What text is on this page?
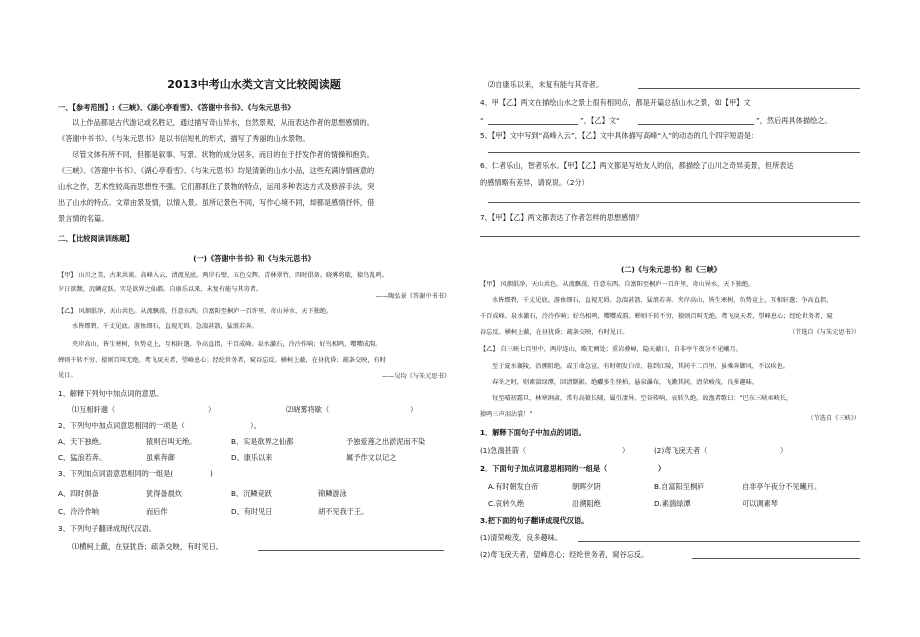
2013中考山水类文言文比较阅读题
一、【参考范围】:《三峡》、《湖心亭看雪》、《答谢中书书》、《与朱元思书》
以上作品都是古代游记或名胜记，通过描写奇山异水，自然景观，从而表达作者的思想感情的。
《答谢中书书》、《与朱元思书》是以书信短札的形式，描写了秀丽的山水景物。
尽管文体有所不同，但都是叙事、写景、状物的成分居多，而目的在于抒发作者的情操和抱负。
《三峡》、《答谢中书书》、《湖心亭看雪》、《与朱元思书》均是清新的山水小品，这些充满诗情画意的
山水之作，艺术性较高而思想性不强。它们都抓住了景物的特点，运用多种表达方式及修辞手法，突
出了山水的特点。文章由景及情，以情入景。虽所记景色不同，写作心境不同，却都是感情抒怀，借
景言情的名篇。
二、【比较阅读训练题】
(一)《答谢中书书》和《与朱元思书》
【甲】 山川之美，古来共谈。高峰入云，清流见底。两岸石壁，五色交辉。青林翠竹，四时俱备。晓雾将歇，猿鸟乱鸣。
夕日欲颓，沉鳞竞跃。实是欲界之仙都。自康乐以来，未复有能与其奇者。
——陶弘景《答谢中书书》
【乙】 风烟俱净，天山共色。从流飘荡，任意东西。自富阳至桐庐一百许里，奇山异水，天下独绝。
水皆缥碧，千丈见底。游鱼细石，直视无碍。急湍甚箭，猛浪若奔。
夹岸高山，皆生寒树，负势竞上，互相轩邈，争高直指，千百成峰。泉水激石，泠泠作响；好鸟相鸣，嘤嘤成韵。
蝉则千转不穷，猿则百叫无绝。鸢飞戾天者，望峰息心；经纶世务者，窥谷忘反。横柯上蔽，在昼犹昏；疏条交映，有时
见日。	——吴均《与朱元思书》
1、解释下列句中加点词的意思。
⑴互相轩邈（	）	⑵晓雾将歇（	）
2、下列句中加点词意思相同的一项是（	）。
A、天下独绝。	猿则百叫无绝。	B、实是欲界之仙都	予独爱莲之出淤泥而不染
C、猛浪若奔。	虽乘奔御	D、康乐以来	属予作文以记之
3、下列加点词语意思相同的一组是(	)
A、四时俱备	犹得备晨炊	B、沉鳞竞跃	锦鳞游泳
C、泠泠作响	而后作	D、有时见日	胡不见我于王。
3、下列句子翻译成现代汉语。
⑴横柯上蔽，在昼犹昏；疏条交映，有时见日。
⑵自康乐以来，未复有能与其奇者。
4、甲【乙】两文在描绘山水之景上很有相同点，都是开篇总括山水之景，如【甲】文
“	”，【乙】文“	”，然后再具体描绘之。
5、【甲】文中写到“高峰入云”，【乙】文中具体描写高峰“入”的动态的几个四字短语是：
6、仁者乐山，智者乐水。【甲】【乙】两文都是写给友人的信，都描绘了山川之奇异美景，但所表达
的感情略有差异，请说说。（2分）
7、【甲】【乙】两文都表达了作者怎样的思想感情？
(二)《与朱元思书》和《三峡》
【甲】 风烟俱净，天山共色。从流飘荡，任意东西。自富阳至桐庐一百许里，奇山异水，天下独绝。
水皆缥碧，千丈见底。游鱼细石，直视无碍。急湍甚箭，猛浪若奔。夹岸高山，皆生寒树，负势竞上，互相轩邈；争高直指，
千百成峰。泉水激石，泠泠作响；好鸟相鸣，嘤嘤成韵。蝉则千转不穷，猿则百叫无绝。鸢飞戾天者，望峰息心；经纶世务者，窥
谷忘反。横柯上蔽，在昼犹昏；疏条交映，有时见日。	（节选自《与朱元思书》）
【乙】 自三峡七百里中，两岸连山，略无阙处；重岩叠嶂，隐天蔽日，自非亭午夜分不见曦月。
至于夏水襄陵，沿溯阻绝。或王命急宣，有时朝发白帝，暮到江陵，其间千二百里，虽乘奔御风，不以疾也。
春冬之时，则素湍绿潭，回清倒影。绝巘多生怪柏，悬泉瀑布，飞漱其间，清荣峻茂，良多趣味。
每至晴初霜旦，林寒涧肃，常有高猿长啸，属引凄异，空谷传响，哀转久绝。故渔者歌曰：“巴东三峡巫峡长，
猿鸣三声泪沾裳！”
（节选自《三峡》）
1．解释下面句子中加点的词语。
(1)急湍甚箭（	）	(2)鸢飞戾天者（	）
2．下面句子加点词意思相同的一组是（	）
A.有时朝发白帝	朝晖夕阴	B.自富阳至桐庐	自非亭午夜分不见曦月。
C.哀转久绝	沿溯阻绝	D.素湍绿潭	可以调素琴
3.把下面的句子翻译成现代汉语。
(1)清荣峻茂，良多趣味。
(2)鸢飞戾天者，望峰息心；经纶世务者，窥谷忘反。
